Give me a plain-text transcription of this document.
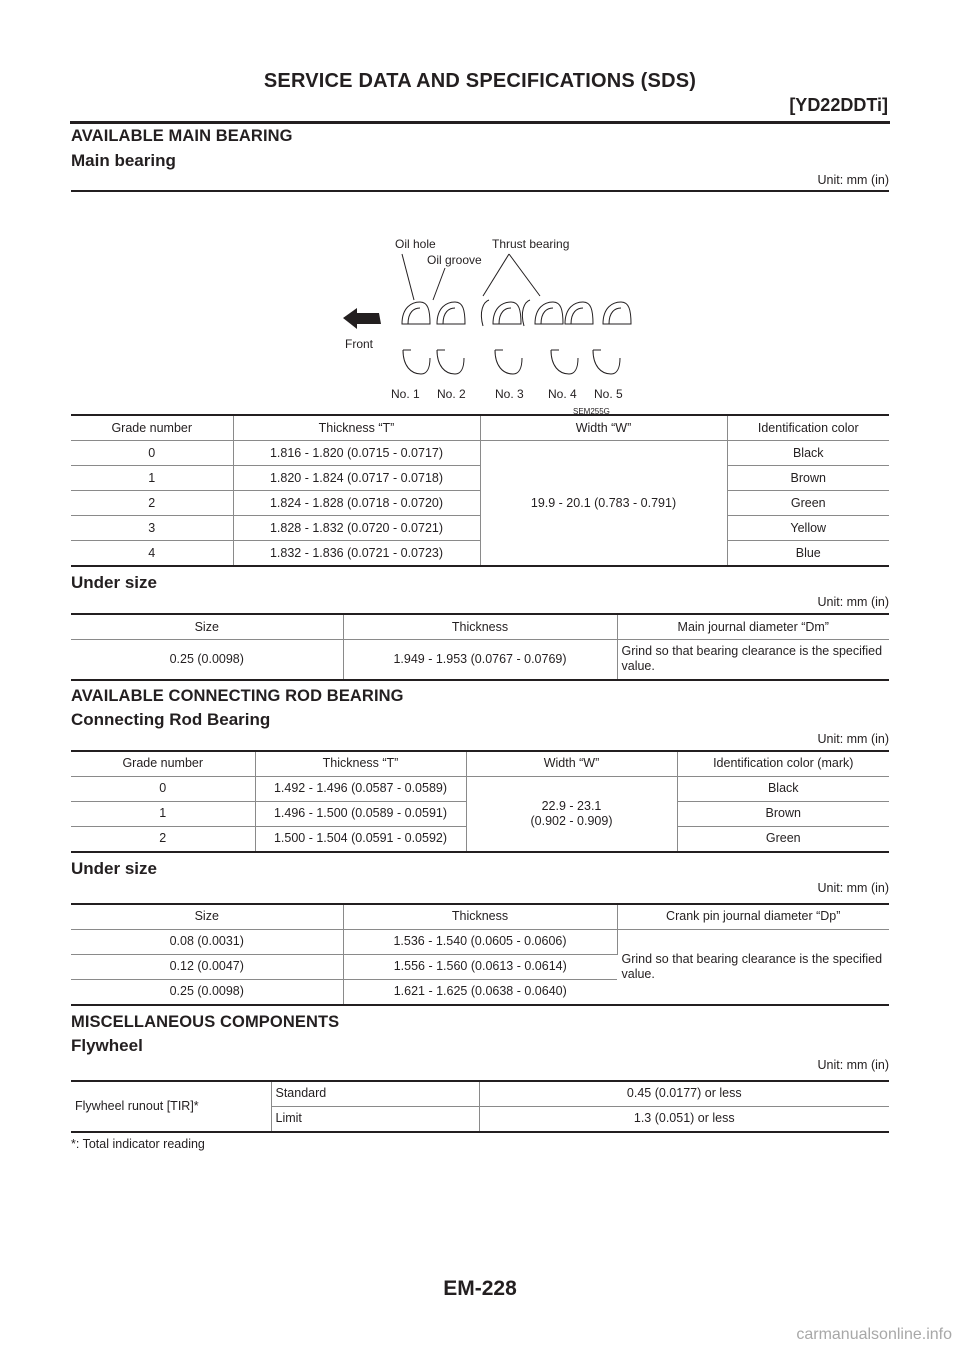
SERVICE DATA AND SPECIFICATIONS (SDS)
[YD22DDTi]
AVAILABLE MAIN BEARING
Main bearing
Unit: mm (in)
Front
Oil hole	Thrust bearing
Oil groove
No. 1 No. 2 No. 3 No. 4 No. 5
SEM255G
Grade number	Thickness “T”	Width “W”	Identification color
0	1.816 - 1.820 (0.0715 - 0.0717)	19.9 - 20.1 (0.783 - 0.791)	Black
1	1.820 - 1.824 (0.0717 - 0.0718)		Brown
2	1.824 - 1.828 (0.0718 - 0.0720)		Green
3	1.828 - 1.832 (0.0720 - 0.0721)		Yellow
4	1.832 - 1.836 (0.0721 - 0.0723)		Blue
Under size
Unit: mm (in)
Size	Thickness	Main journal diameter “Dm”
0.25 (0.0098)	1.949 - 1.953 (0.0767 - 0.0769)	Grind so that bearing clearance is the specified value.
AVAILABLE CONNECTING ROD BEARING
Connecting Rod Bearing
Unit: mm (in)
Grade number	Thickness “T”	Width “W”	Identification color (mark)
0	1.492 - 1.496 (0.0587 - 0.0589)	22.9 - 23.1
(0.902 - 0.909)	Black
1	1.496 - 1.500 (0.0589 - 0.0591)		Brown
2	1.500 - 1.504 (0.0591 - 0.0592)		Green
Under size
Unit: mm (in)
Size	Thickness	Crank pin journal diameter “Dp”
0.08 (0.0031)	1.536 - 1.540 (0.0605 - 0.0606)	Grind so that bearing clearance is the specified value.
0.12 (0.0047)	1.556 - 1.560 (0.0613 - 0.0614)	
0.25 (0.0098)	1.621 - 1.625 (0.0638 - 0.0640)	
MISCELLANEOUS COMPONENTS
Flywheel
Unit: mm (in)
Flywheel runout [TIR]*	Standard	0.45 (0.0177) or less
	Limit	1.3 (0.051) or less
*: Total indicator reading
EM-228
carmanualsonline.info
